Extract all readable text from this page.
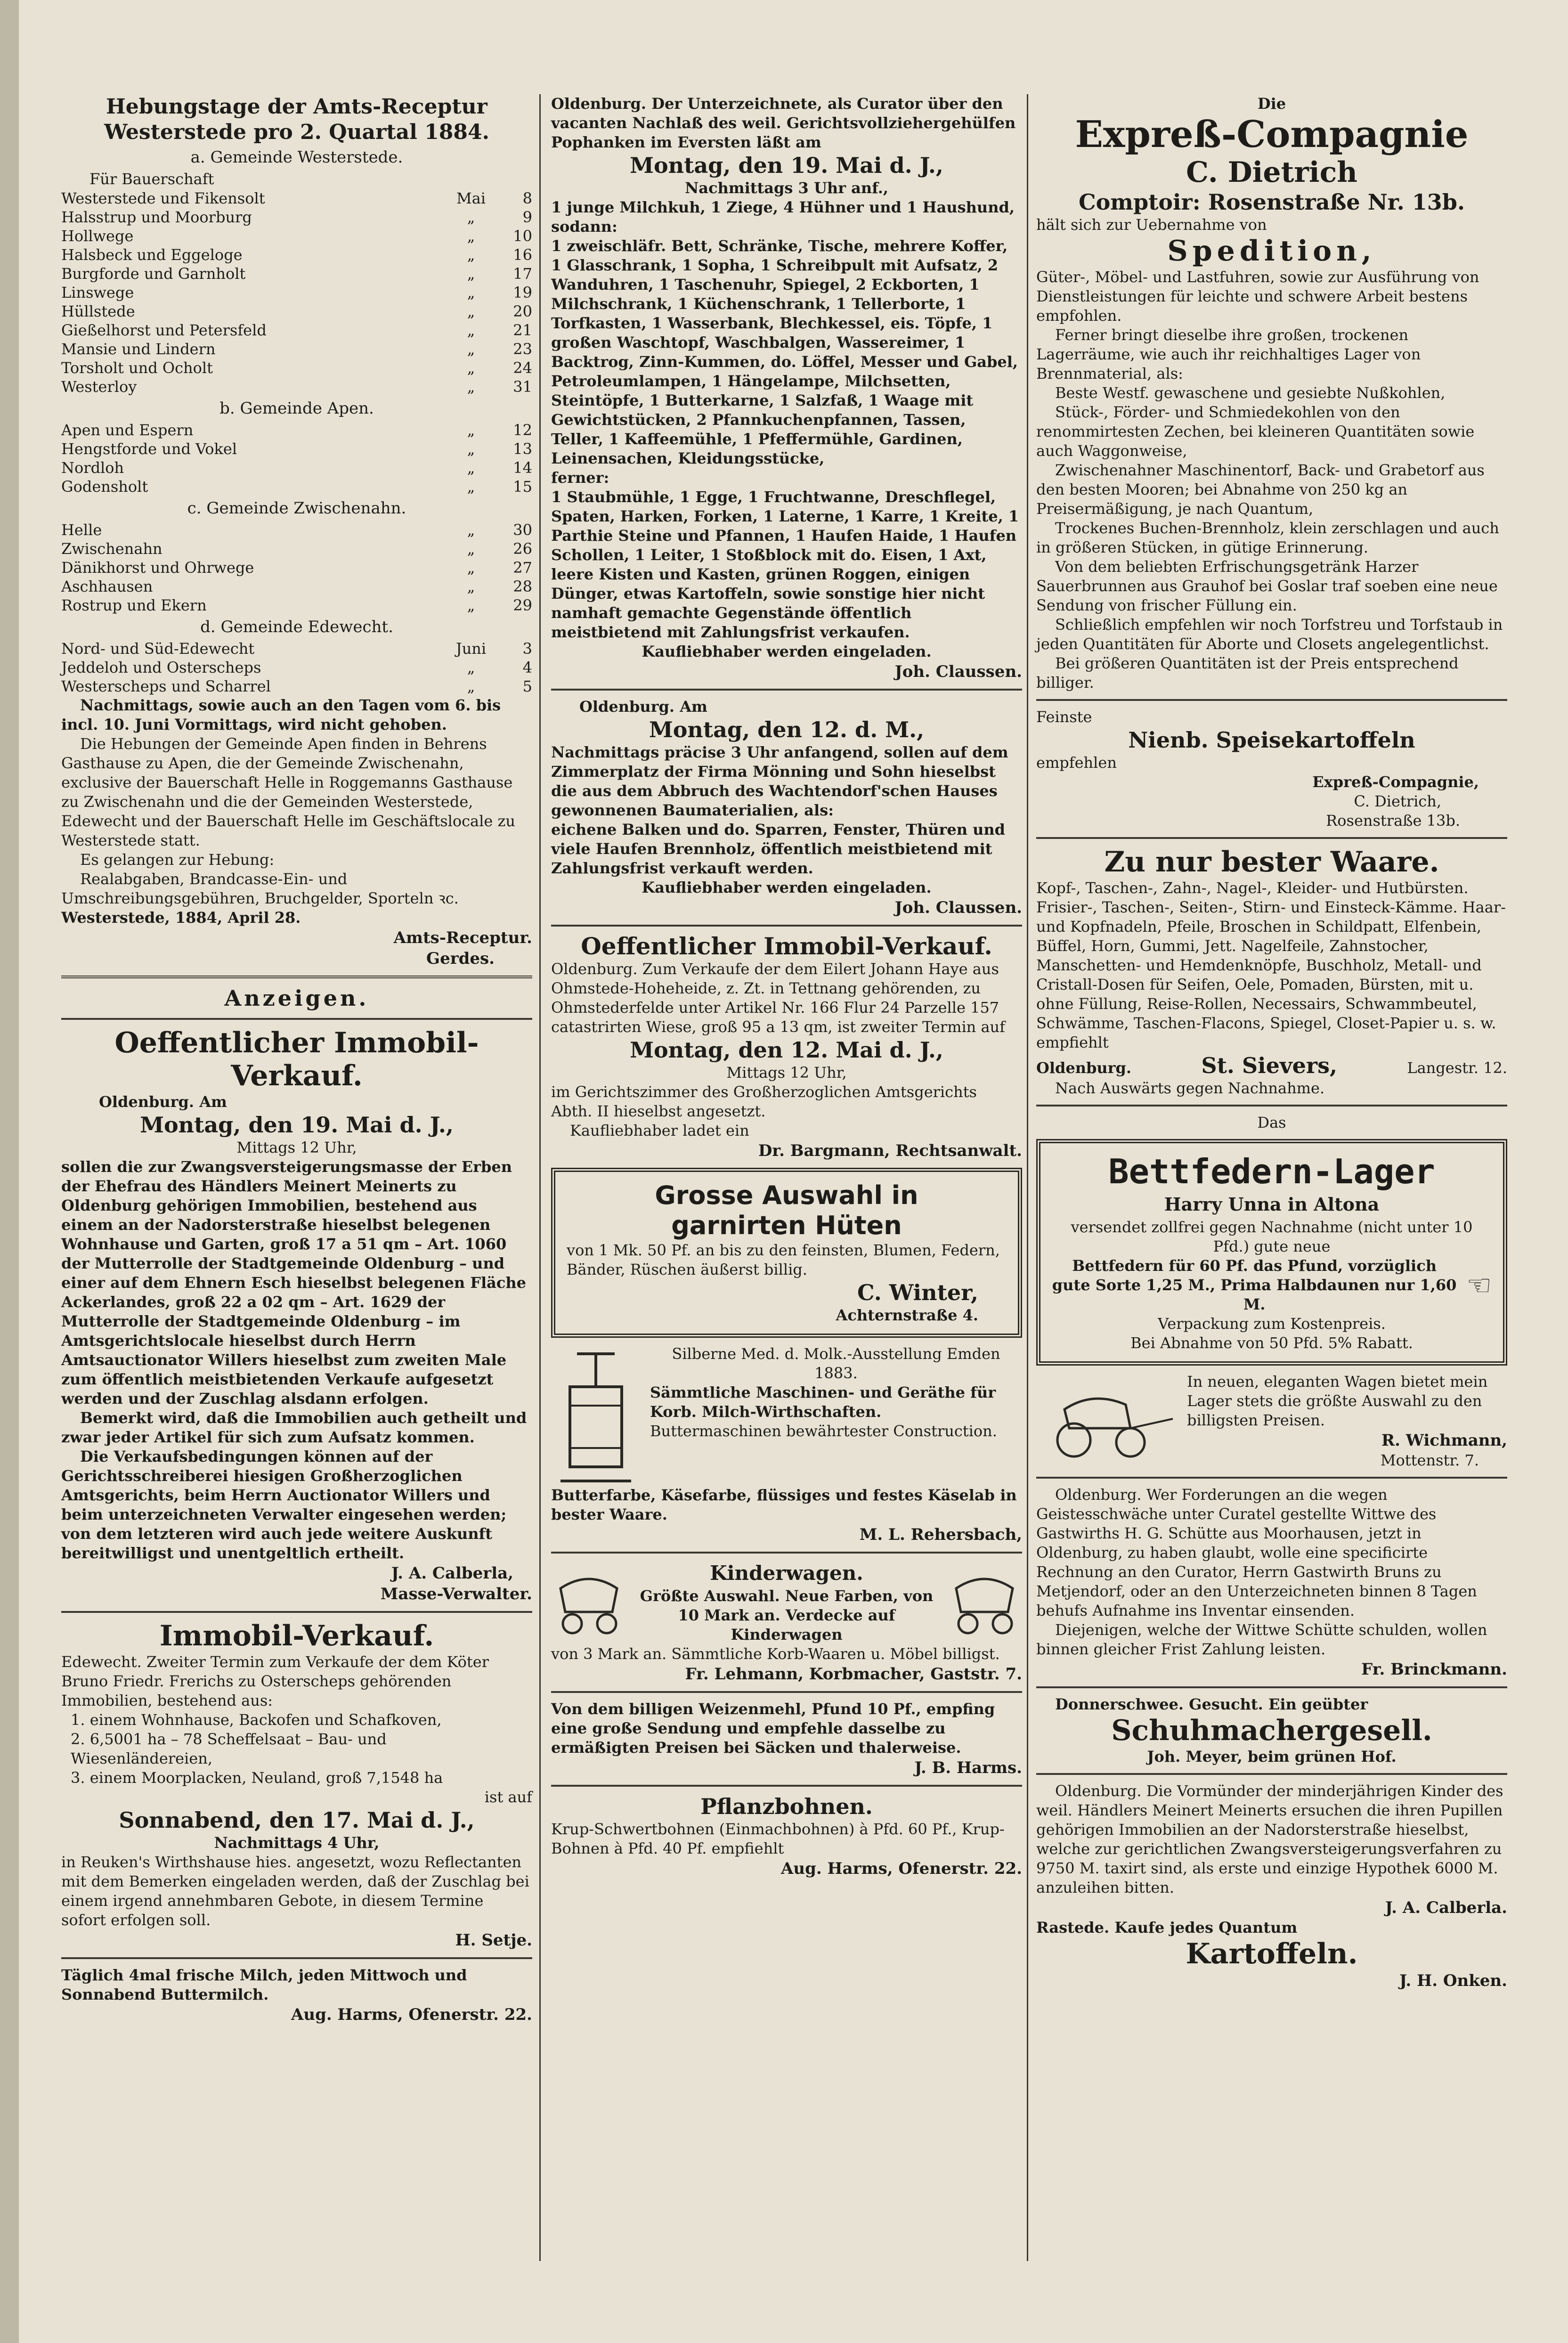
Hebungstage der Amts-Receptur Westerstede pro 2. Quartal 1884.

a. Gemeinde Westerstede.

Für Bauerschaft

Westerstede und Fikensolt	Mai	8
Halsstrup und Moorburg	„	9
Hollwege	„	10
Halsbeck und Eggeloge	„	16
Burgforde und Garnholt	„	17
Linswege	„	19
Hüllstede	„	20
Gießelhorst und Petersfeld	„	21
Mansie und Lindern	„	23
Torsholt und Ocholt	„	24
Westerloy	„	31

b. Gemeinde Apen.

Apen und Espern	„	12
Hengstforde und Vokel	„	13
Nordloh	„	14
Godensholt	„	15

c. Gemeinde Zwischenahn.

Helle	„	30
Zwischenahn	„	26
Dänikhorst und Ohrwege	„	27
Aschhausen	„	28
Rostrup und Ekern	„	29

d. Gemeinde Edewecht.

Nord- und Süd-Edewecht	Juni	3
Jeddeloh und Osterscheps	„	4
Westerscheps und Scharrel	„	5

Nachmittags, sowie auch an den Tagen vom 6. bis incl. 10. Juni Vormittags, wird nicht gehoben.

Die Hebungen der Gemeinde Apen finden in Behrens Gasthause zu Apen, die der Gemeinde Zwischenahn, exclusive der Bauerschaft Helle in Roggemanns Gasthause zu Zwischenahn und die der Gemeinden Westerstede, Edewecht und der Bauerschaft Helle im Geschäftslocale zu Westerstede statt.

Es gelangen zur Hebung:

Realabgaben, Brandcasse-Ein- und Umschreibungsgebühren, Bruchgelder, Sporteln ꝛc.

Westerstede, 1884, April 28.

Amts-Receptur.

Gerdes.

Anzeigen.

Oeffentlicher Immobil-Verkauf.

Oldenburg. Am

Montag, den 19. Mai d. J.,

Mittags 12 Uhr,

sollen die zur Zwangsversteigerungsmasse der Erben der Ehefrau des Händlers Meinert Meinerts zu Oldenburg gehörigen Immobilien, bestehend aus einem an der Nadorsterstraße hieselbst belegenen Wohnhause und Garten, groß 17 a 51 qm – Art. 1060 der Mutterrolle der Stadtgemeinde Oldenburg – und einer auf dem Ehnern Esch hieselbst belegenen Fläche Ackerlandes, groß 22 a 02 qm – Art. 1629 der Mutterrolle der Stadtgemeinde Oldenburg – im Amtsgerichtslocale hieselbst durch Herrn Amtsauctionator Willers hieselbst zum zweiten Male zum öffentlich meistbietenden Verkaufe aufgesetzt werden und der Zuschlag alsdann erfolgen.

Bemerkt wird, daß die Immobilien auch getheilt und zwar jeder Artikel für sich zum Aufsatz kommen.

Die Verkaufsbedingungen können auf der Gerichtsschreiberei hiesigen Großherzoglichen Amtsgerichts, beim Herrn Auctionator Willers und beim unterzeichneten Verwalter eingesehen werden; von dem letzteren wird auch jede weitere Auskunft bereitwilligst und unentgeltlich ertheilt.

J. A. Calberla,

Masse-Verwalter.

Immobil-Verkauf.

Edewecht. Zweiter Termin zum Verkaufe der dem Köter Bruno Friedr. Frerichs zu Osterscheps gehörenden Immobilien, bestehend aus:

1. einem Wohnhause, Backofen und Schafkoven,

2. 6,5001 ha – 78 Scheffelsaat – Bau- und Wiesenländereien,

3. einem Moorplacken, Neuland, groß 7,1548 ha

ist auf

Sonnabend, den 17. Mai d. J.,

Nachmittags 4 Uhr,

in Reuken's Wirthshause hies. angesetzt, wozu Reflectanten mit dem Bemerken eingeladen werden, daß der Zuschlag bei einem irgend annehmbaren Gebote, in diesem Termine sofort erfolgen soll.

H. Setje.

Täglich 4mal frische Milch, jeden Mittwoch und Sonnabend Buttermilch.

Aug. Harms, Ofenerstr. 22.

Oldenburg. Der Unterzeichnete, als Curator über den vacanten Nachlaß des weil. Gerichtsvollziehergehülfen Pophanken im Eversten läßt am

Montag, den 19. Mai d. J.,

Nachmittags 3 Uhr anf.,

1 junge Milchkuh, 1 Ziege, 4 Hühner und 1 Haushund,

sodann:

1 zweischläfr. Bett, Schränke, Tische, mehrere Koffer, 1 Glasschrank, 1 Sopha, 1 Schreibpult mit Aufsatz, 2 Wanduhren, 1 Taschenuhr, Spiegel, 2 Eckborten, 1 Milchschrank, 1 Küchenschrank, 1 Tellerborte, 1 Torfkasten, 1 Wasserbank, Blechkessel, eis. Töpfe, 1 großen Waschtopf, Waschbalgen, Wassereimer, 1 Backtrog, Zinn-Kummen, do. Löffel, Messer und Gabel, Petroleumlampen, 1 Hängelampe, Milchsetten, Steintöpfe, 1 Butterkarne, 1 Salzfaß, 1 Waage mit Gewichtstücken, 2 Pfannkuchenpfannen, Tassen, Teller, 1 Kaffeemühle, 1 Pfeffermühle, Gardinen, Leinensachen, Kleidungsstücke,

ferner:

1 Staubmühle, 1 Egge, 1 Fruchtwanne, Dreschflegel, Spaten, Harken, Forken, 1 Laterne, 1 Karre, 1 Kreite, 1 Parthie Steine und Pfannen, 1 Haufen Haide, 1 Haufen Schollen, 1 Leiter, 1 Stoßblock mit do. Eisen, 1 Axt, leere Kisten und Kasten, grünen Roggen, einigen Dünger, etwas Kartoffeln, sowie sonstige hier nicht namhaft gemachte Gegenstände öffentlich meistbietend mit Zahlungsfrist verkaufen.

Kaufliebhaber werden eingeladen.

Joh. Claussen.

Oldenburg. Am

Montag, den 12. d. M.,

Nachmittags präcise 3 Uhr anfangend, sollen auf dem Zimmerplatz der Firma Mönning und Sohn hieselbst die aus dem Abbruch des Wachtendorf'schen Hauses gewonnenen Baumaterialien, als:

eichene Balken und do. Sparren, Fenster, Thüren und viele Haufen Brennholz, öffentlich meistbietend mit Zahlungsfrist verkauft werden.

Kaufliebhaber werden eingeladen.

Joh. Claussen.

Oeffentlicher Immobil-Verkauf.

Oldenburg. Zum Verkaufe der dem Eilert Johann Haye aus Ohmstede-Hoheheide, z. Zt. in Tettnang gehörenden, zu Ohmstederfelde unter Artikel Nr. 166 Flur 24 Parzelle 157 catastrirten Wiese, groß 95 a 13 qm, ist zweiter Termin auf

Montag, den 12. Mai d. J.,

Mittags 12 Uhr,

im Gerichtszimmer des Großherzoglichen Amtsgerichts Abth. II hieselbst angesetzt.

Kaufliebhaber ladet ein

Dr. Bargmann, Rechtsanwalt.

Grosse Auswahl in

garnirten Hüten

von 1 Mk. 50 Pf. an bis zu den feinsten, Blumen, Federn, Bänder, Rüschen äußerst billig.

C. Winter,

Achternstraße 4.

Silberne Med. d. Molk.-Ausstellung Emden 1883.

Sämmtliche Maschinen- und Geräthe für Korb. Milch-Wirthschaften.

Buttermaschinen bewährtester Construction.

Butterfarbe, Käsefarbe, flüssiges und festes Käselab in bester Waare.

M. L. Rehersbach,

Kinderwagen.

Größte Auswahl. Neue Farben, von 10 Mark an. Verdecke auf Kinderwagen

von 3 Mark an. Sämmtliche Korb-Waaren u. Möbel billigst.

Fr. Lehmann, Korbmacher, Gaststr. 7.

Von dem billigen Weizenmehl, Pfund 10 Pf., empfing eine große Sendung und empfehle dasselbe zu ermäßigten Preisen bei Säcken und thalerweise.

J. B. Harms.

Pflanzbohnen.

Krup-Schwertbohnen (Einmachbohnen) à Pfd. 60 Pf., Krup-Bohnen à Pfd. 40 Pf. empfiehlt

Aug. Harms, Ofenerstr. 22.

Die

Expreß-Compagnie

C. Dietrich

Comptoir: Rosenstraße Nr. 13b.

hält sich zur Uebernahme von

Spedition,

Güter-, Möbel- und Lastfuhren, sowie zur Ausführung von Dienstleistungen für leichte und schwere Arbeit bestens empfohlen.

Ferner bringt dieselbe ihre großen, trockenen Lagerräume, wie auch ihr reichhaltiges Lager von Brennmaterial, als:

Beste Westf. gewaschene und gesiebte Nußkohlen,

Stück-, Förder- und Schmiedekohlen von den renommirtesten Zechen, bei kleineren Quantitäten sowie auch Waggonweise,

Zwischenahner Maschinentorf, Back- und Grabetorf aus den besten Mooren; bei Abnahme von 250 kg an Preisermäßigung, je nach Quantum,

Trockenes Buchen-Brennholz, klein zerschlagen und auch in größeren Stücken, in gütige Erinnerung.

Von dem beliebten Erfrischungsgetränk Harzer Sauerbrunnen aus Grauhof bei Goslar traf soeben eine neue Sendung von frischer Füllung ein.

Schließlich empfehlen wir noch Torfstreu und Torfstaub in jeden Quantitäten für Aborte und Closets angelegentlichst.

Bei größeren Quantitäten ist der Preis entsprechend billiger.

Feinste

Nienb. Speisekartoffeln

empfehlen

Expreß-Compagnie,

C. Dietrich,

Rosenstraße 13b.

Zu nur bester Waare.

Kopf-, Taschen-, Zahn-, Nagel-, Kleider- und Hutbürsten. Frisier-, Taschen-, Seiten-, Stirn- und Einsteck-Kämme. Haar- und Kopfnadeln, Pfeile, Broschen in Schildpatt, Elfenbein, Büffel, Horn, Gummi, Jett. Nagelfeile, Zahnstocher, Manschetten- und Hemdenknöpfe, Buschholz, Metall- und Cristall-Dosen für Seifen, Oele, Pomaden, Bürsten, mit u. ohne Füllung, Reise-Rollen, Necessairs, Schwammbeutel, Schwämme, Taschen-Flacons, Spiegel, Closet-Papier u. s. w. empfiehlt

Oldenburg.	St. Sievers,	Langestr. 12.

Nach Auswärts gegen Nachnahme.

Das

Bettfedern-Lager

Harry Unna in Altona

versendet zollfrei gegen Nachnahme (nicht unter 10 Pfd.) gute neue

Bettfedern für 60 Pf. das Pfund, vorzüglich gute Sorte 1,25 M., Prima Halbdaunen nur 1,60 M.

☜

Verpackung zum Kostenpreis.

Bei Abnahme von 50 Pfd. 5% Rabatt.

In neuen, eleganten Wagen bietet mein Lager stets die größte Auswahl zu den billigsten Preisen.

R. Wichmann,

Mottenstr. 7.

Oldenburg. Wer Forderungen an die wegen Geistesschwäche unter Curatel gestellte Wittwe des Gastwirths H. G. Schütte aus Moorhausen, jetzt in Oldenburg, zu haben glaubt, wolle eine specificirte Rechnung an den Curator, Herrn Gastwirth Bruns zu Metjendorf, oder an den Unterzeichneten binnen 8 Tagen behufs Aufnahme ins Inventar einsenden.

Diejenigen, welche der Wittwe Schütte schulden, wollen binnen gleicher Frist Zahlung leisten.

Fr. Brinckmann.

Donnerschwee. Gesucht. Ein geübter

Schuhmachergesell.

Joh. Meyer, beim grünen Hof.

Oldenburg. Die Vormünder der minderjährigen Kinder des weil. Händlers Meinert Meinerts ersuchen die ihren Pupillen gehörigen Immobilien an der Nadorsterstraße hieselbst, welche zur gerichtlichen Zwangsversteigerungsverfahren zu 9750 M. taxirt sind, als erste und einzige Hypothek 6000 M. anzuleihen bitten.

J. A. Calberla.

Rastede. Kaufe jedes Quantum

Kartoffeln.

J. H. Onken.
